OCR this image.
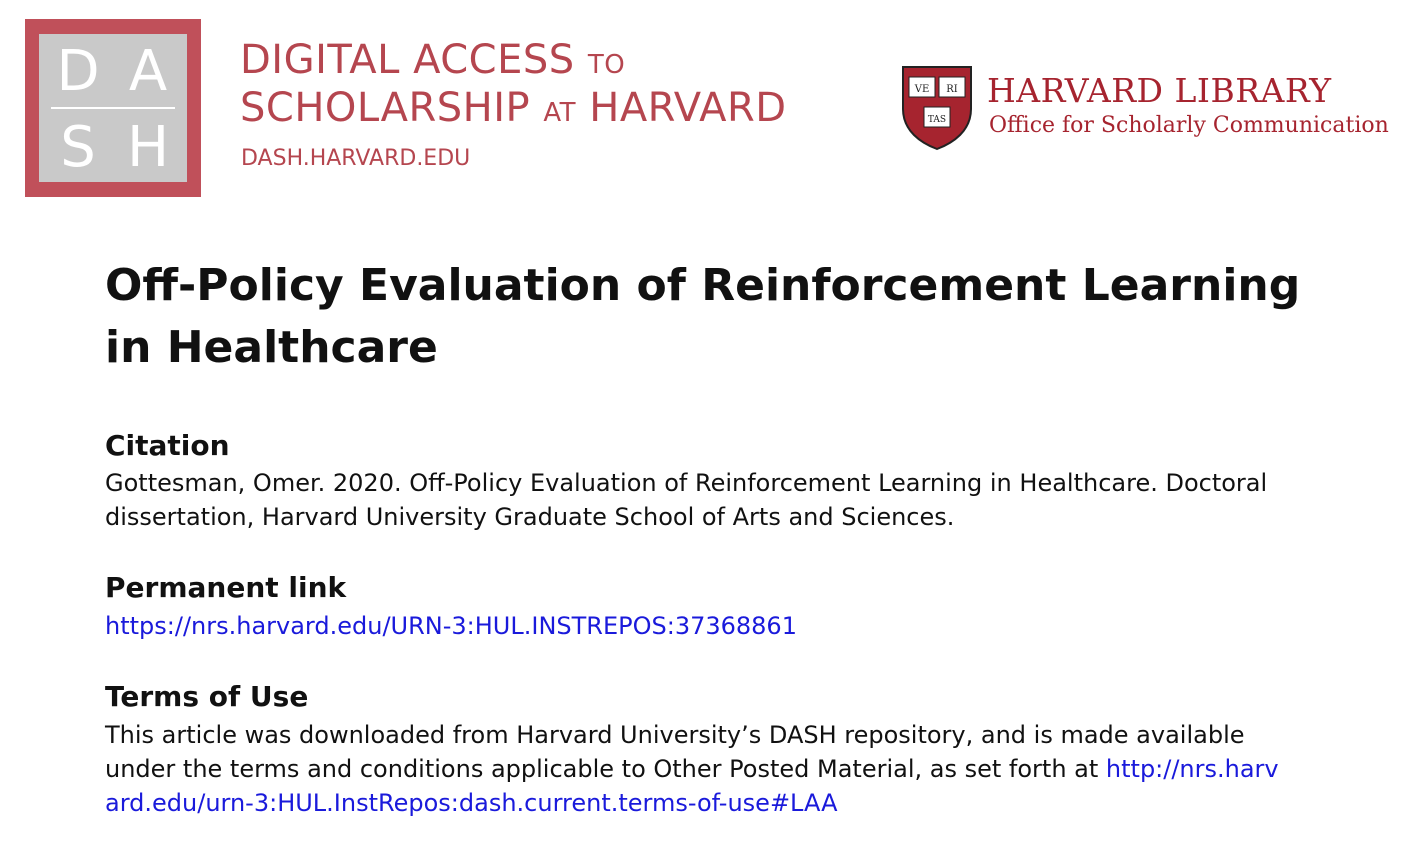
D A
S H
DIGITAL ACCESS TO
SCHOLARSHIP AT HARVARD
DASH.HARVARD.EDU
VE RI
TAS
HARVARD LIBRARY
Office for Scholarly Communication
Off-Policy Evaluation of Reinforcement Learning in Healthcare
Citation

Gottesman, Omer. 2020. Off-Policy Evaluation of Reinforcement Learning in Healthcare. Doctoral dissertation, Harvard University Graduate School of Arts and Sciences.

Permanent link

https://nrs.harvard.edu/URN-3:HUL.INSTREPOS:37368861

Terms of Use

This article was downloaded from Harvard University’s DASH repository, and is made available under the terms and conditions applicable to Other Posted Material, as set forth at http://nrs.harvard.edu/urn-3:HUL.InstRepos:dash.current.terms-of-use#LAA
